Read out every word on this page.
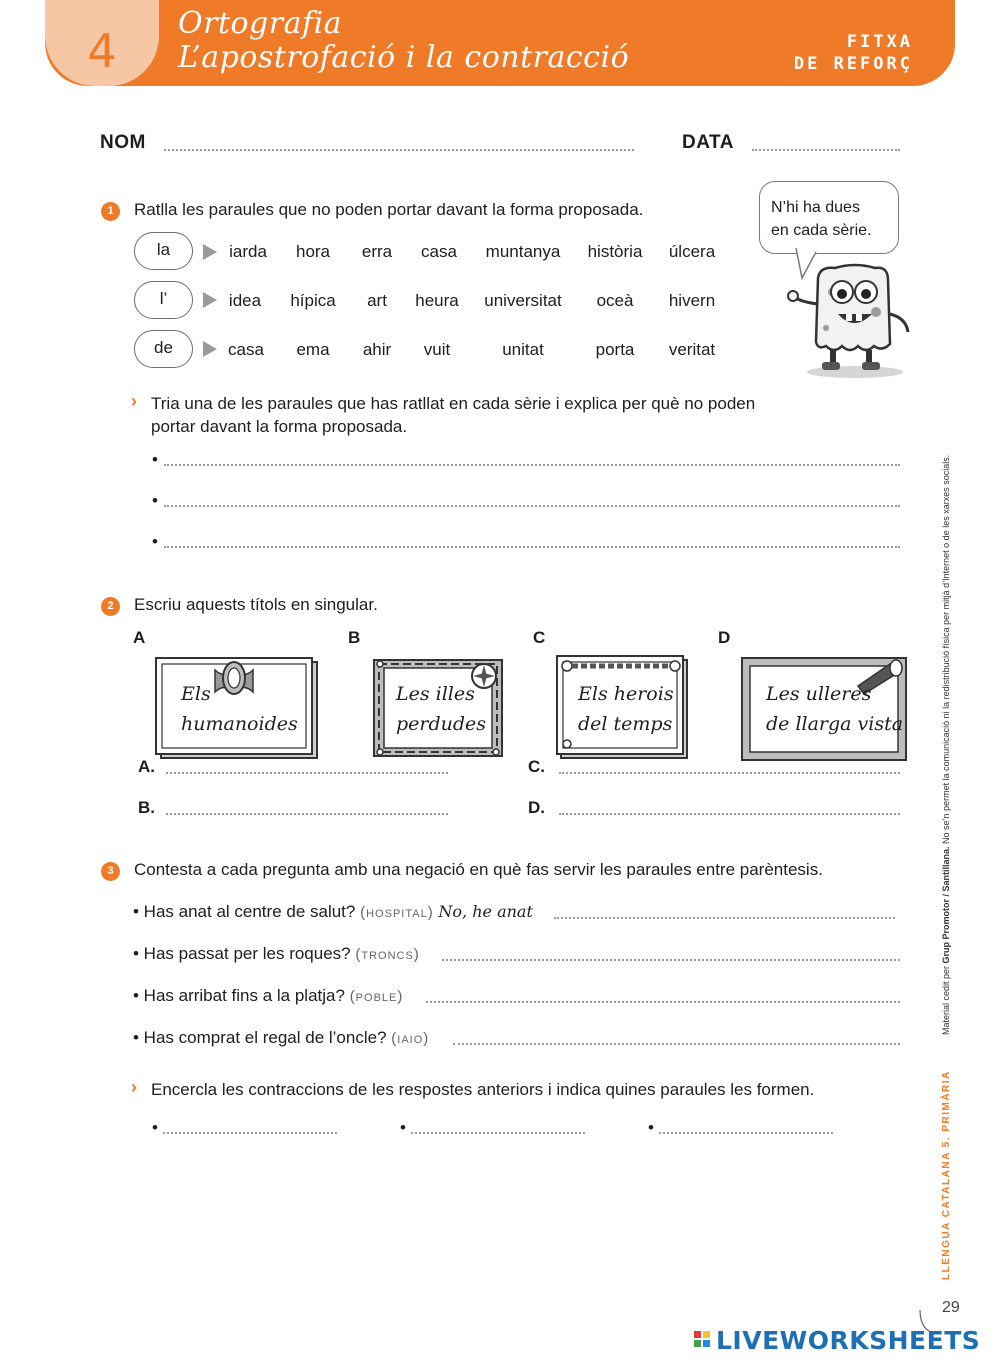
4
Ortografia
L’apostrofació i la contracció	FITXA
DE REFORÇ
NOM	DATA
1	Ratlla les paraules que no poden portar davant la forma proposada.
la	iarda hora erra casa muntanya història úlcera
l’	idea hípica art heura universitat oceà hivern
de	casa ema ahir vuit	unitat	porta veritat
N’hi ha dues
en cada sèrie.
› Tria una de les paraules que has ratllat en cada sèrie i explica per què no poden
portar davant la forma proposada.
•
•
•
2	Escriu aquests títols en singular.
A	B	C	D
Els
humanoides
Les illes
perdudes
Els herois
del temps
Les ulleres
de llarga vista
A.	C.
B.	D.
3	Contesta a cada pregunta amb una negació en què fas servir les paraules entre parèntesis.
• Has anat al centre de salut? (hospital) No, he anat
• Has passat per les roques? (troncs)
• Has arribat fins a la platja? (poble)
• Has comprat el regal de l’oncle? (iaio)
› Encercla les contraccions de les respostes anteriors i indica quines paraules les formen.
•	•	•
Material cedit per Grup Promotor / Santillana. No se’n permet la comunicació ni la redistribució física per mitjà d’Internet o de les xarxes socials.
LLENGUA CATALANA 5. PRIMÀRIA
29
LIVEWORKSHEETS
